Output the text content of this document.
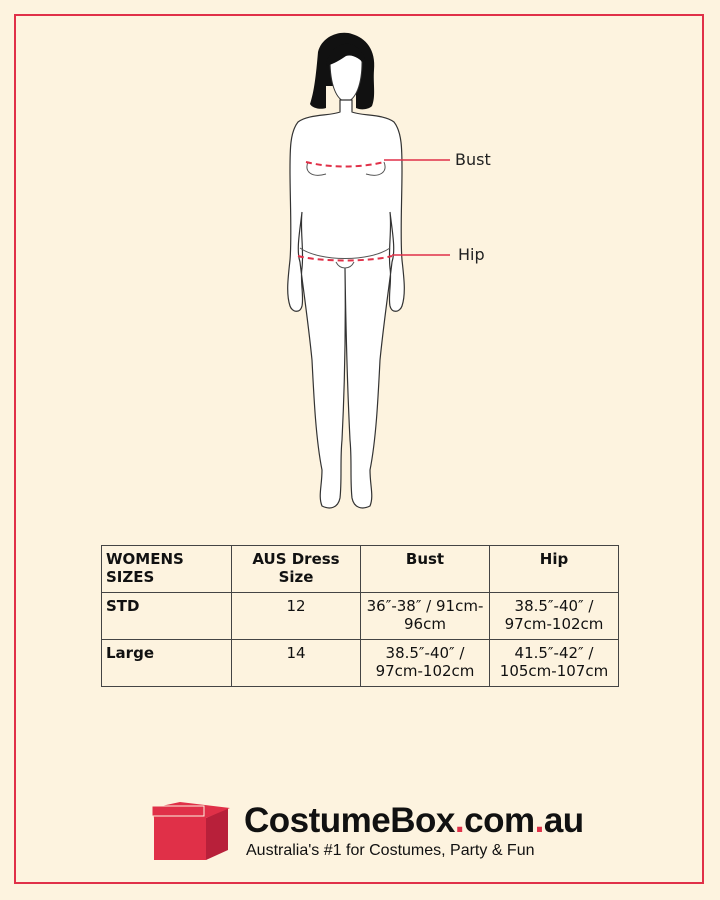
Bust
Hip
WOMENS SIZES	AUS Dress Size	Bust	Hip
STD	12	36″-38″ / 91cm-96cm	38.5″-40″ / 97cm-102cm
Large	14	38.5″-40″ / 97cm-102cm	41.5″-42″ / 105cm-107cm
CostumeBox.com.au
Australia's #1 for Costumes, Party & Fun
